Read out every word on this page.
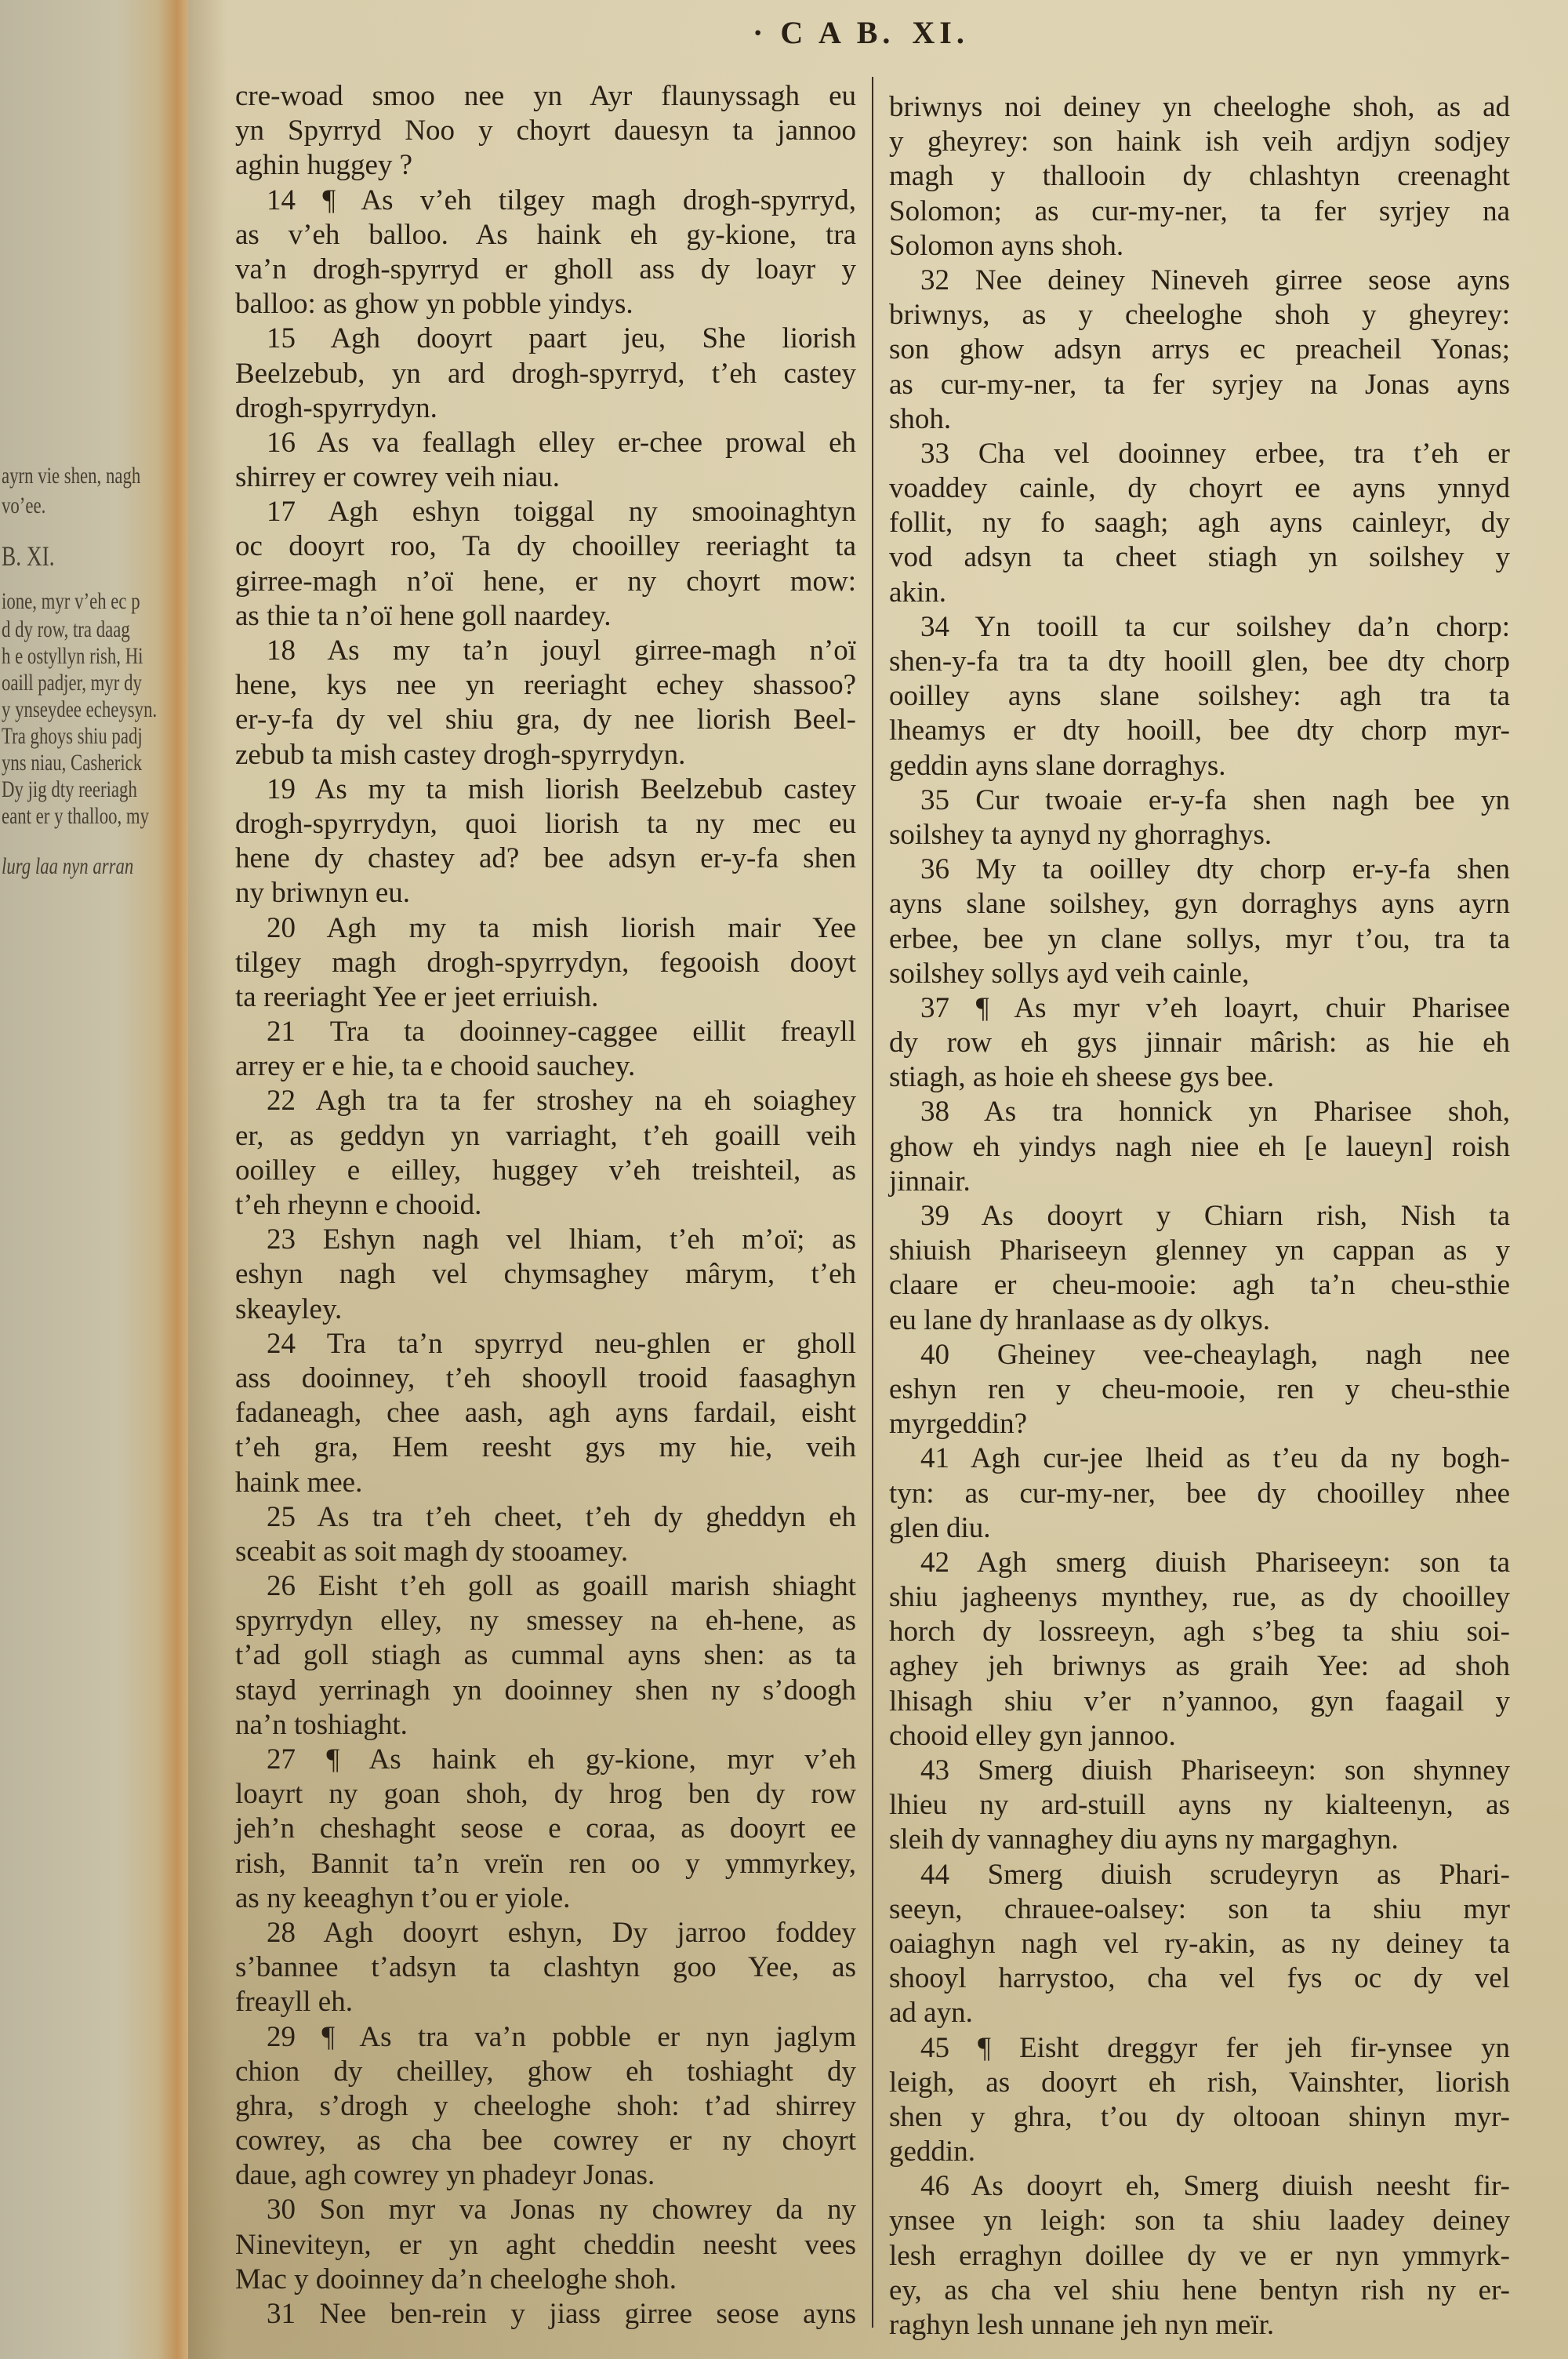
ayrn vie shen, nagh
vo’ee.
B. XI.
ione, myr v’eh ec p
d dy row, tra daag
h e ostyllyn rish, Hi
oaill padjer, myr dy
y ynseydee echeysyn.
Tra ghoys shiu padj
yns niau, Casherick
Dy jig dty reeriagh
eant er y thalloo, my
lurg laa nyn arran
· C A B. XI.
cre-woad smoo nee yn Ayr flaunyssagh eu
yn Spyrryd Noo y choyrt dauesyn ta jannoo
aghin huggey ?
14 ¶ As v’eh tilgey magh drogh-spyrryd,
as v’eh balloo. As haink eh gy-kione, tra
va’n drogh-spyrryd er gholl ass dy loayr y
balloo: as ghow yn pobble yindys.
15 Agh dooyrt paart jeu, She liorish
Beelzebub, yn ard drogh-spyrryd, t’eh castey
drogh-spyrrydyn.
16 As va feallagh elley er-chee prowal eh
shirrey er cowrey veih niau.
17 Agh eshyn toiggal ny smooinaghtyn
oc dooyrt roo, Ta dy chooilley reeriaght ta
girree-magh n’oï hene, er ny choyrt mow:
as thie ta n’oï hene goll naardey.
18 As my ta’n jouyl girree-magh n’oï
hene, kys nee yn reeriaght echey shassoo?
er-y-fa dy vel shiu gra, dy nee liorish Beel-
zebub ta mish castey drogh-spyrrydyn.
19 As my ta mish liorish Beelzebub castey
drogh-spyrrydyn, quoi liorish ta ny mec eu
hene dy chastey ad? bee adsyn er-y-fa shen
ny briwnyn eu.
20 Agh my ta mish liorish mair Yee
tilgey magh drogh-spyrrydyn, fegooish dooyt
ta reeriaght Yee er jeet erriuish.
21 Tra ta dooinney-caggee eillit freayll
arrey er e hie, ta e chooid sauchey.
22 Agh tra ta fer stroshey na eh soiaghey
er, as geddyn yn varriaght, t’eh goaill veih
ooilley e eilley, huggey v’eh treishteil, as
t’eh rheynn e chooid.
23 Eshyn nagh vel lhiam, t’eh m’oï; as
eshyn nagh vel chymsaghey mârym, t’eh
skeayley.
24 Tra ta’n spyrryd neu-ghlen er gholl
ass dooinney, t’eh shooyll trooid faasaghyn
fadaneagh, chee aash, agh ayns fardail, eisht
t’eh gra, Hem reesht gys my hie, veih
haink mee.
25 As tra t’eh cheet, t’eh dy gheddyn eh
sceabit as soit magh dy stooamey.
26 Eisht t’eh goll as goaill marish shiaght
spyrrydyn elley, ny smessey na eh-hene, as
t’ad goll stiagh as cummal ayns shen: as ta
stayd yerrinagh yn dooinney shen ny s’doogh
na’n toshiaght.
27 ¶ As haink eh gy-kione, myr v’eh
loayrt ny goan shoh, dy hrog ben dy row
jeh’n cheshaght seose e coraa, as dooyrt ee
rish, Bannit ta’n vreïn ren oo y ymmyrkey,
as ny keeaghyn t’ou er yiole.
28 Agh dooyrt eshyn, Dy jarroo foddey
s’bannee t’adsyn ta clashtyn goo Yee, as
freayll eh.
29 ¶ As tra va’n pobble er nyn jaglym
chion dy cheilley, ghow eh toshiaght dy
ghra, s’drogh y cheeloghe shoh: t’ad shirrey
cowrey, as cha bee cowrey er ny choyrt
daue, agh cowrey yn phadeyr Jonas.
30 Son myr va Jonas ny chowrey da ny
Nineviteyn, er yn aght cheddin neesht vees
Mac y dooinney da’n cheeloghe shoh.
31 Nee ben-rein y jiass girree seose ayns
briwnys noi deiney yn cheeloghe shoh, as ad
y gheyrey: son haink ish veih ardjyn sodjey
magh y thallooin dy chlashtyn creenaght
Solomon; as cur-my-ner, ta fer syrjey na
Solomon ayns shoh.
32 Nee deiney Nineveh girree seose ayns
briwnys, as y cheeloghe shoh y gheyrey:
son ghow adsyn arrys ec preacheil Yonas;
as cur-my-ner, ta fer syrjey na Jonas ayns
shoh.
33 Cha vel dooinney erbee, tra t’eh er
voaddey cainle, dy choyrt ee ayns ynnyd
follit, ny fo saagh; agh ayns cainleyr, dy
vod adsyn ta cheet stiagh yn soilshey y
akin.
34 Yn tooill ta cur soilshey da’n chorp:
shen-y-fa tra ta dty hooill glen, bee dty chorp
ooilley ayns slane soilshey: agh tra ta
lheamys er dty hooill, bee dty chorp myr-
geddin ayns slane dorraghys.
35 Cur twoaie er-y-fa shen nagh bee yn
soilshey ta aynyd ny ghorraghys.
36 My ta ooilley dty chorp er-y-fa shen
ayns slane soilshey, gyn dorraghys ayns ayrn
erbee, bee yn clane sollys, myr t’ou, tra ta
soilshey sollys ayd veih cainle,
37 ¶ As myr v’eh loayrt, chuir Pharisee
dy row eh gys jinnair mârish: as hie eh
stiagh, as hoie eh sheese gys bee.
38 As tra honnick yn Pharisee shoh,
ghow eh yindys nagh niee eh [e laueyn] roish
jinnair.
39 As dooyrt y Chiarn rish, Nish ta
shiuish Phariseeyn glenney yn cappan as y
claare er cheu-mooie: agh ta’n cheu-sthie
eu lane dy hranlaase as dy olkys.
40 Gheiney vee-cheaylagh, nagh nee
eshyn ren y cheu-mooie, ren y cheu-sthie
myrgeddin?
41 Agh cur-jee lheid as t’eu da ny bogh-
tyn: as cur-my-ner, bee dy chooilley nhee
glen diu.
42 Agh smerg diuish Phariseeyn: son ta
shiu jagheenys mynthey, rue, as dy chooilley
horch dy lossreeyn, agh s’beg ta shiu soi-
aghey jeh briwnys as graih Yee: ad shoh
lhisagh shiu v’er n’yannoo, gyn faagail y
chooid elley gyn jannoo.
43 Smerg diuish Phariseeyn: son shynney
lhieu ny ard-stuill ayns ny kialteenyn, as
sleih dy vannaghey diu ayns ny margaghyn.
44 Smerg diuish scrudeyryn as Phari-
seeyn, chrauee-oalsey: son ta shiu myr
oaiaghyn nagh vel ry-akin, as ny deiney ta
shooyl harrystoo, cha vel fys oc dy vel
ad ayn.
45 ¶ Eisht dreggyr fer jeh fir-ynsee yn
leigh, as dooyrt eh rish, Vainshter, liorish
shen y ghra, t’ou dy oltooan shinyn myr-
geddin.
46 As dooyrt eh, Smerg diuish neesht fir-
ynsee yn leigh: son ta shiu laadey deiney
lesh erraghyn doillee dy ve er nyn ymmyrk-
ey, as cha vel shiu hene bentyn rish ny er-
raghyn lesh unnane jeh nyn meïr.
